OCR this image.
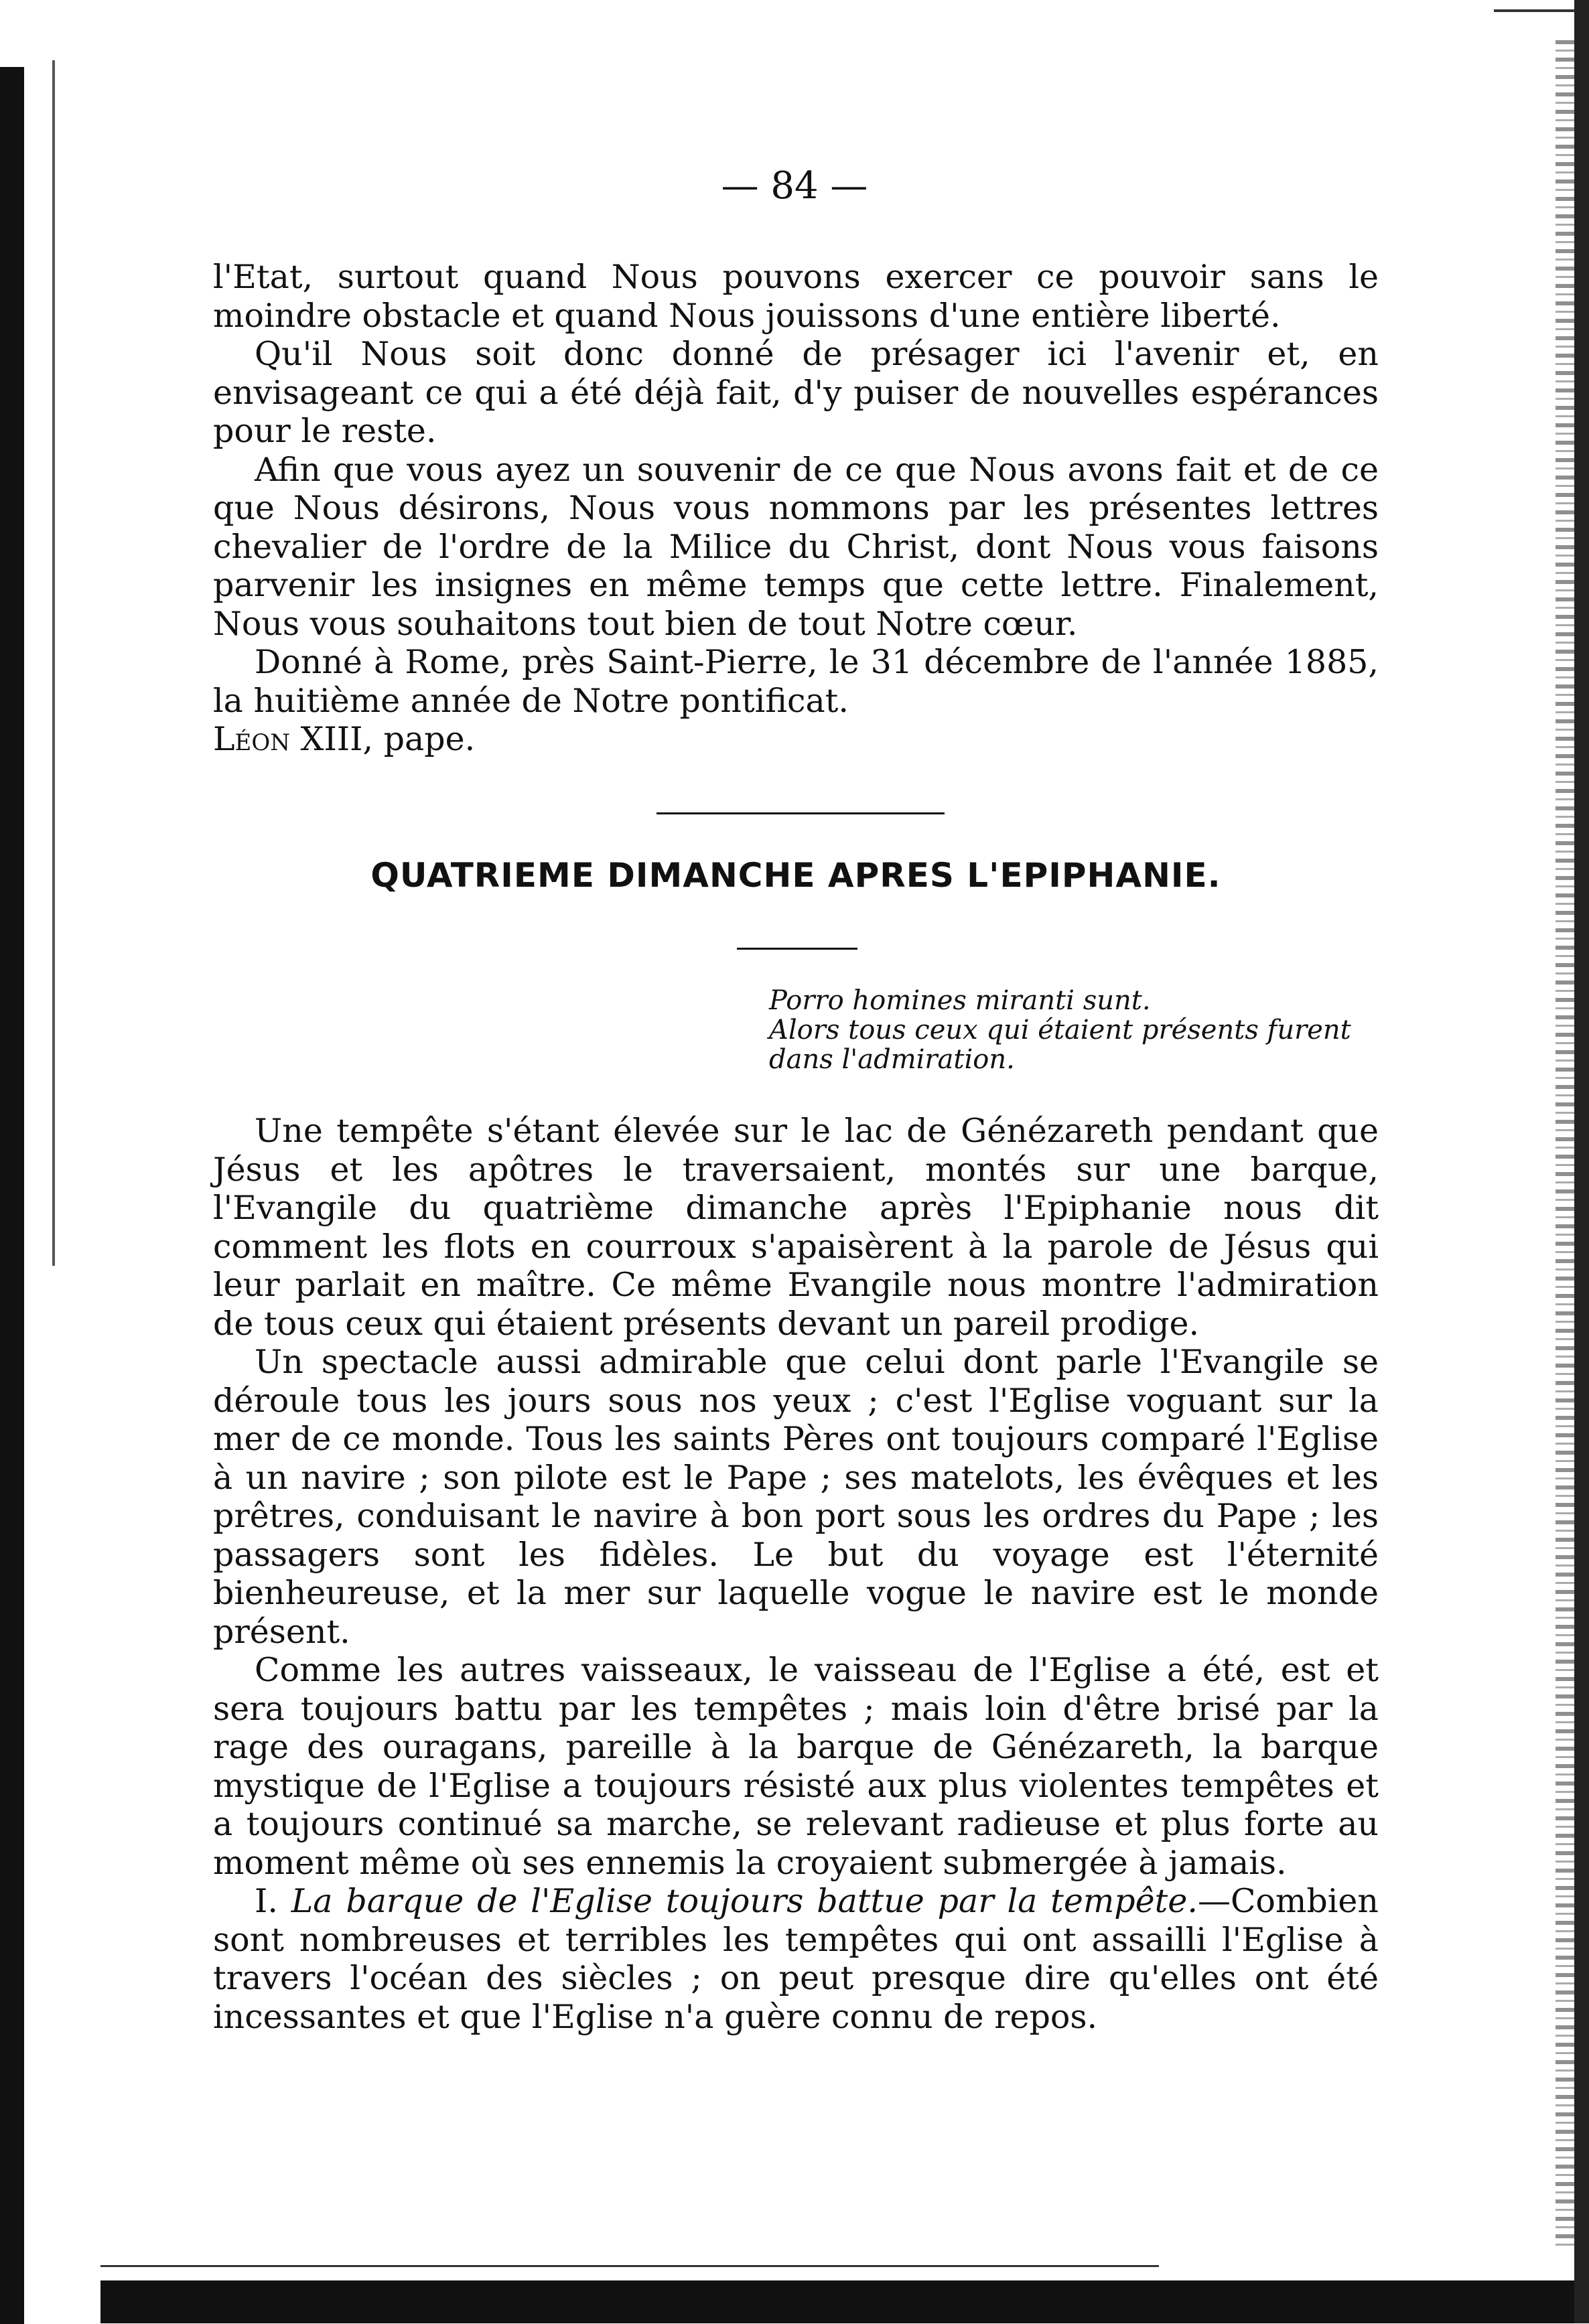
— 84 —

l'Etat, surtout quand Nous pouvons exercer ce pouvoir sans le moindre obstacle et quand Nous jouissons d'une entière liberté.

Qu'il Nous soit donc donné de présager ici l'avenir et, en envisageant ce qui a été déjà fait, d'y puiser de nouvelles espérances pour le reste.

Afin que vous ayez un souvenir de ce que Nous avons fait et de ce que Nous désirons, Nous vous nommons par les présentes lettres chevalier de l'ordre de la Milice du Christ, dont Nous vous faisons parvenir les insignes en même temps que cette lettre. Finalement, Nous vous souhaitons tout bien de tout Notre cœur.

Donné à Rome, près Saint-Pierre, le 31 décembre de l'année 1885, la huitième année de Notre pontificat.

Léon XIII, pape.

QUATRIEME DIMANCHE APRES L'EPIPHANIE.

Porro homines miranti sunt.

Alors tous ceux qui étaient présents furent dans l'admiration.

Une tempête s'étant élevée sur le lac de Génézareth pendant que Jésus et les apôtres le traversaient, montés sur une barque, l'Evangile du quatrième dimanche après l'Epiphanie nous dit comment les flots en courroux s'apaisèrent à la parole de Jésus qui leur parlait en maître. Ce même Evangile nous montre l'admiration de tous ceux qui étaient présents devant un pareil prodige.

Un spectacle aussi admirable que celui dont parle l'Evangile se déroule tous les jours sous nos yeux ; c'est l'Eglise voguant sur la mer de ce monde. Tous les saints Pères ont toujours comparé l'Eglise à un navire ; son pilote est le Pape ; ses matelots, les évêques et les prêtres, conduisant le navire à bon port sous les ordres du Pape ; les passagers sont les fidèles. Le but du voyage est l'éternité bienheureuse, et la mer sur laquelle vogue le navire est le monde présent.

Comme les autres vaisseaux, le vaisseau de l'Eglise a été, est et sera toujours battu par les tempêtes ; mais loin d'être brisé par la rage des ouragans, pareille à la barque de Génézareth, la barque mystique de l'Eglise a toujours résisté aux plus violentes tempêtes et a toujours continué sa marche, se relevant radieuse et plus forte au moment même où ses ennemis la croyaient submergée à jamais.

I. La barque de l'Eglise toujours battue par la tempête.—Combien sont nombreuses et terribles les tempêtes qui ont assailli l'Eglise à travers l'océan des siècles ; on peut presque dire qu'elles ont été incessantes et que l'Eglise n'a guère connu de repos.
